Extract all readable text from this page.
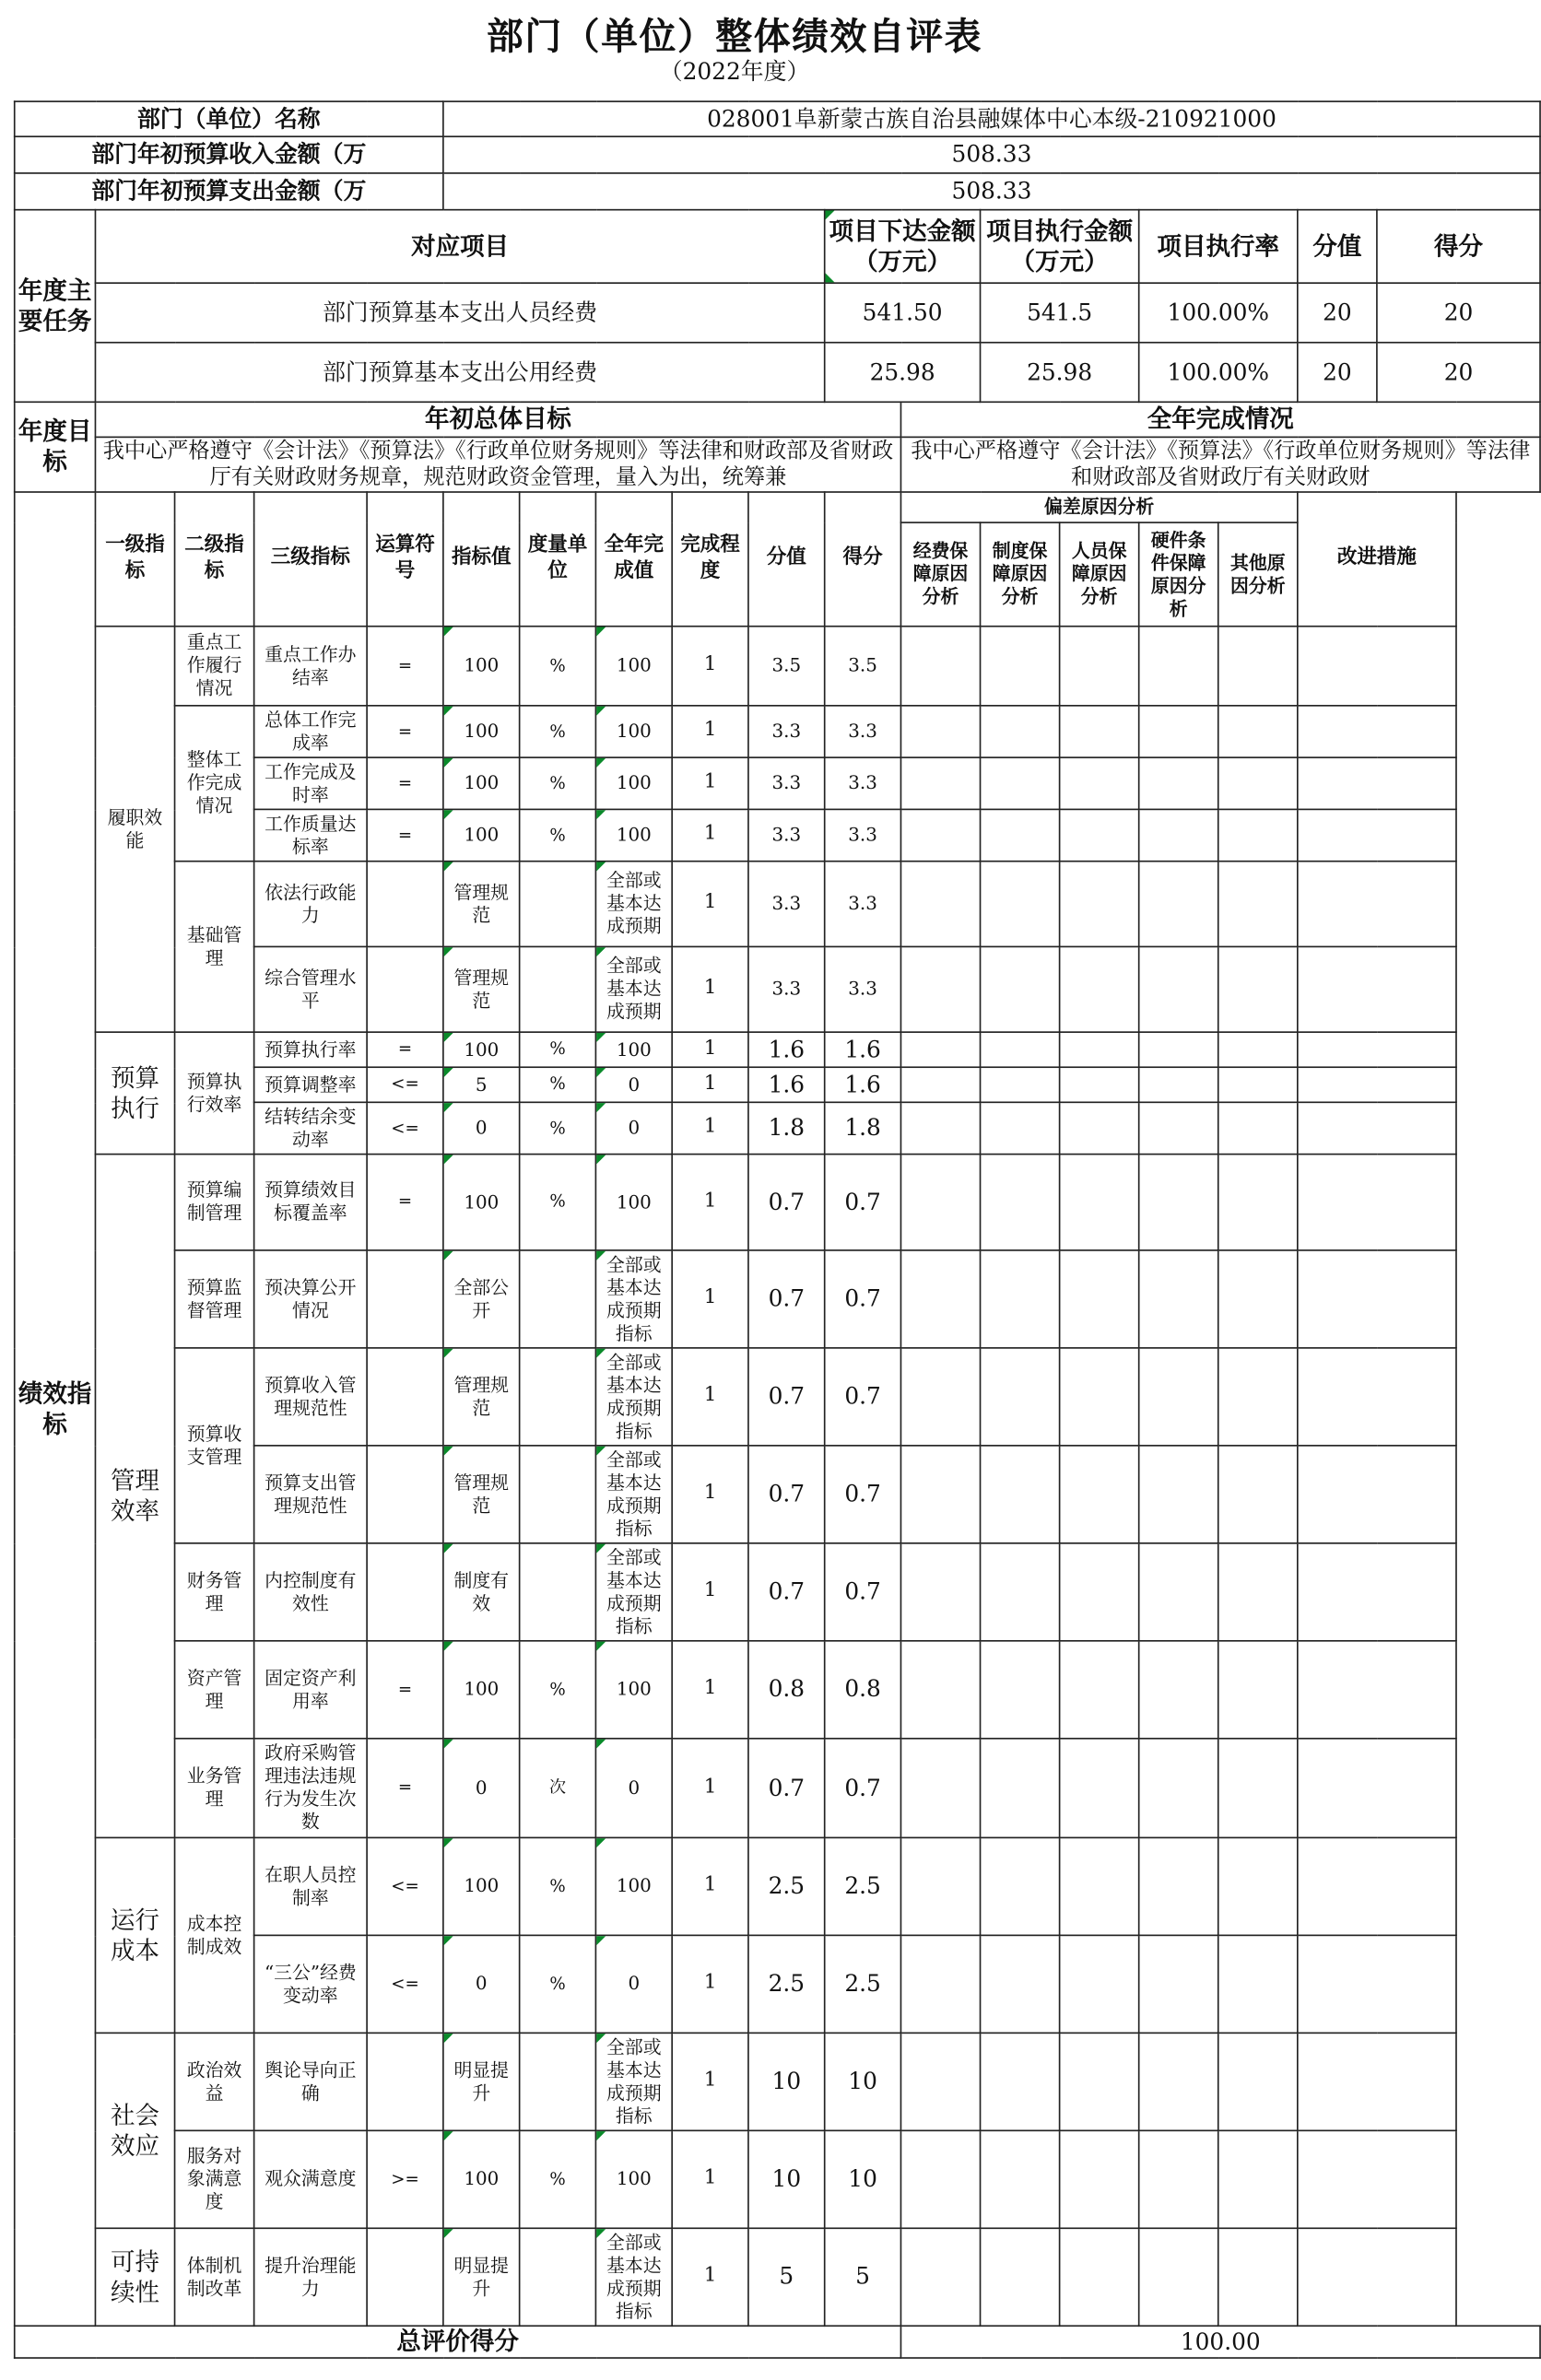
部门（单位）整体绩效自评表
（2022年度）
部门（单位）名称					028001阜新蒙古族自治县融媒体中心本级-210921000												
部门年初预算收入金额（万					508.33												
部门年初预算支出金额（万					508.33												
年度主要任务	对应项目									项目下达金额（万元）		项目执行金额（万元）		项目执行率		分值	得分
	部门预算基本支出人员经费									541.50		541.5		100.00%		20	20
	部门预算基本支出公用经费									25.98		25.98		100.00%		20	20
年度目标	年初总体目标										全年完成情况						

	我中心严格遵守《会计法》《预算法》《行政单位财务规则》等法律和财政部及省财政厅有关财政财务规章，规范财政资金管理，量入为出，统筹兼										我中心严格遵守《会计法》《预算法》《行政单位财务规则》等法律和财政部及省财政厅有关财政财						

绩效指标	一级指标	二级指标	三级指标	运算符号	指标值	度量单位	全年完成值	完成程度	分值	得分	偏差原因分析					改进措施	
											经费保障原因分析	制度保障原因分析	人员保障原因分析	硬件条件保障原因分析	其他原因分析		
	履职效能	重点工作履行情况	重点工作办结率	=	100	%	100	1	3.5	3.5							

		整体工作完成情况	总体工作完成率	=	100	%	100	1	3.3	3.3							

			工作完成及时率	=	100	%	100	1	3.3	3.3							

			工作质量达标率	=	100	%	100	1	3.3	3.3							

		基础管理	依法行政能力		管理规范		全部或基本达成预期	1	3.3	3.3							

			综合管理水平		管理规范		全部或基本达成预期	1	3.3	3.3							

	预算执行	预算执行效率	预算执行率	=	100	%	100	1	1.6	1.6							

			预算调整率	<=	5	%	0	1	1.6	1.6							

			结转结余变动率	<=	0	%	0	1	1.8	1.8							

	管理效率	预算编制管理	预算绩效目标覆盖率	=	100	%	100	1	0.7	0.7							

		预算监督管理	预决算公开情况		全部公开		全部或基本达成预期指标	1	0.7	0.7							

		预算收支管理	预算收入管理规范性		管理规范		全部或基本达成预期指标	1	0.7	0.7							

			预算支出管理规范性		管理规范		全部或基本达成预期指标	1	0.7	0.7							

		财务管理	内控制度有效性		制度有效		全部或基本达成预期指标	1	0.7	0.7							

		资产管理	固定资产利用率	=	100	%	100	1	0.8	0.8							

		业务管理	政府采购管理违法违规行为发生次数	=	0	次	0	1	0.7	0.7							

	运行成本	成本控制成效	在职人员控制率	<=	100	%	100	1	2.5	2.5							

			“三公”经费变动率	<=	0	%	0	1	2.5	2.5							

	社会效应	政治效益	舆论导向正确		明显提升		全部或基本达成预期指标	1	10	10							

		服务对象满意度	观众满意度	>=	100	%	100	1	10	10							

	可持续性	体制机制改革	提升治理能力		明显提升		全部或基本达成预期指标	1	5	5							

总评价得分											100.00						
